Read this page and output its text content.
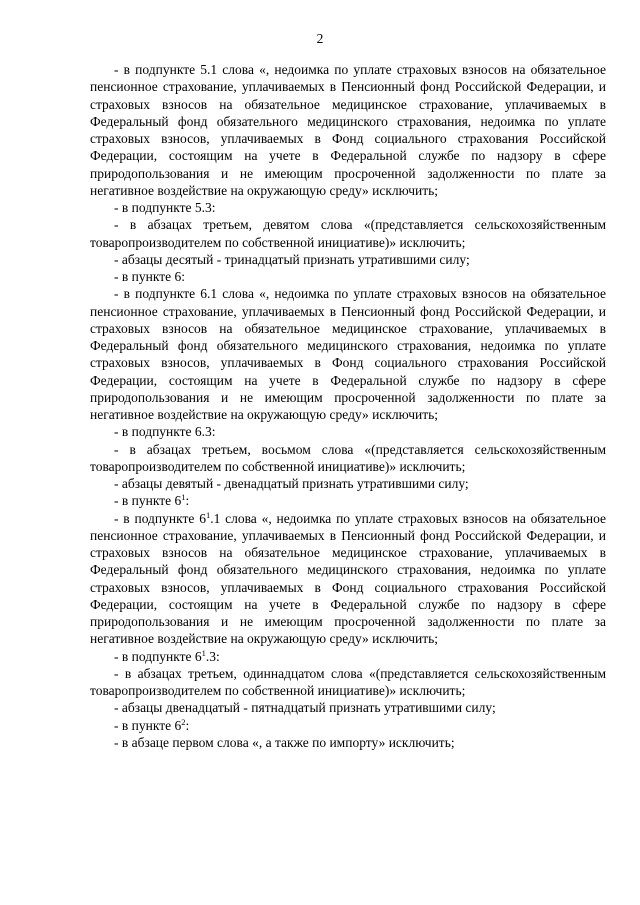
2

- в подпункте 5.1 слова «, недоимка по уплате страховых взносов на обязательное пенсионное страхование, уплачиваемых в Пенсионный фонд Российской Федерации, и страховых взносов на обязательное медицинское страхование, уплачиваемых в Федеральный фонд обязательного медицинского страхования, недоимка по уплате страховых взносов, уплачиваемых в Фонд социального страхования Российской Федерации, состоящим на учете в Федеральной службе по надзору в сфере природопользования и не имеющим просроченной задолженности по плате за негативное воздействие на окружающую среду» исключить;

- в подпункте 5.3:

- в абзацах третьем, девятом слова «(представляется сельскохозяйственным товаропроизводителем по собственной инициативе)» исключить;

- абзацы десятый - тринадцатый признать утратившими силу;

- в пункте 6:

- в подпункте 6.1 слова «, недоимка по уплате страховых взносов на обязательное пенсионное страхование, уплачиваемых в Пенсионный фонд Российской Федерации, и страховых взносов на обязательное медицинское страхование, уплачиваемых в Федеральный фонд обязательного медицинского страхования, недоимка по уплате страховых взносов, уплачиваемых в Фонд социального страхования Российской Федерации, состоящим на учете в Федеральной службе по надзору в сфере природопользования и не имеющим просроченной задолженности по плате за негативное воздействие на окружающую среду» исключить;

- в подпункте 6.3:

- в абзацах третьем, восьмом слова «(представляется сельскохозяйственным товаропроизводителем по собственной инициативе)» исключить;

- абзацы девятый - двенадцатый признать утратившими силу;

- в пункте $6^1$:

- в подпункте $6^1.1$ слова «, недоимка по уплате страховых взносов на обязательное пенсионное страхование, уплачиваемых в Пенсионный фонд Российской Федерации, и страховых взносов на обязательное медицинское страхование, уплачиваемых в Федеральный фонд обязательного медицинского страхования, недоимка по уплате страховых взносов, уплачиваемых в Фонд социального страхования Российской Федерации, состоящим на учете в Федеральной службе по надзору в сфере природопользования и не имеющим просроченной задолженности по плате за негативное воздействие на окружающую среду» исключить;

- в подпункте $6^1.3$:

- в абзацах третьем, одиннадцатом слова «(представляется сельскохозяйственным товаропроизводителем по собственной инициативе)» исключить;

- абзацы двенадцатый - пятнадцатый признать утратившими силу;

- в пункте $6^2$:

- в абзаце первом слова «, а также по импорту» исключить;
